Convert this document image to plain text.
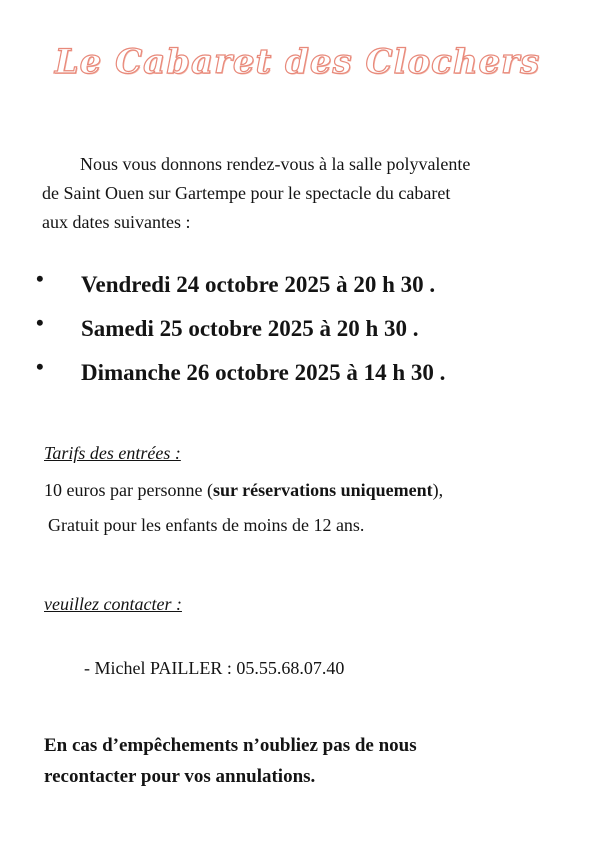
Le Cabaret des Clochers
Nous vous donnons rendez-vous à la salle polyvalente
de Saint Ouen sur Gartempe pour le spectacle du cabaret
aux dates suivantes :
• Vendredi 24 octobre 2025 à 20 h 30 .
• Samedi 25 octobre 2025 à 20 h 30 .
• Dimanche 26 octobre 2025 à 14 h 30 .
Tarifs des entrées :
10 euros par personne (sur réservations uniquement),
Gratuit pour les enfants de moins de 12 ans.
veuillez contacter :
- Michel PAILLER : 05.55.68.07.40
En cas d’empêchements n’oubliez pas de nous
recontacter pour vos annulations.
